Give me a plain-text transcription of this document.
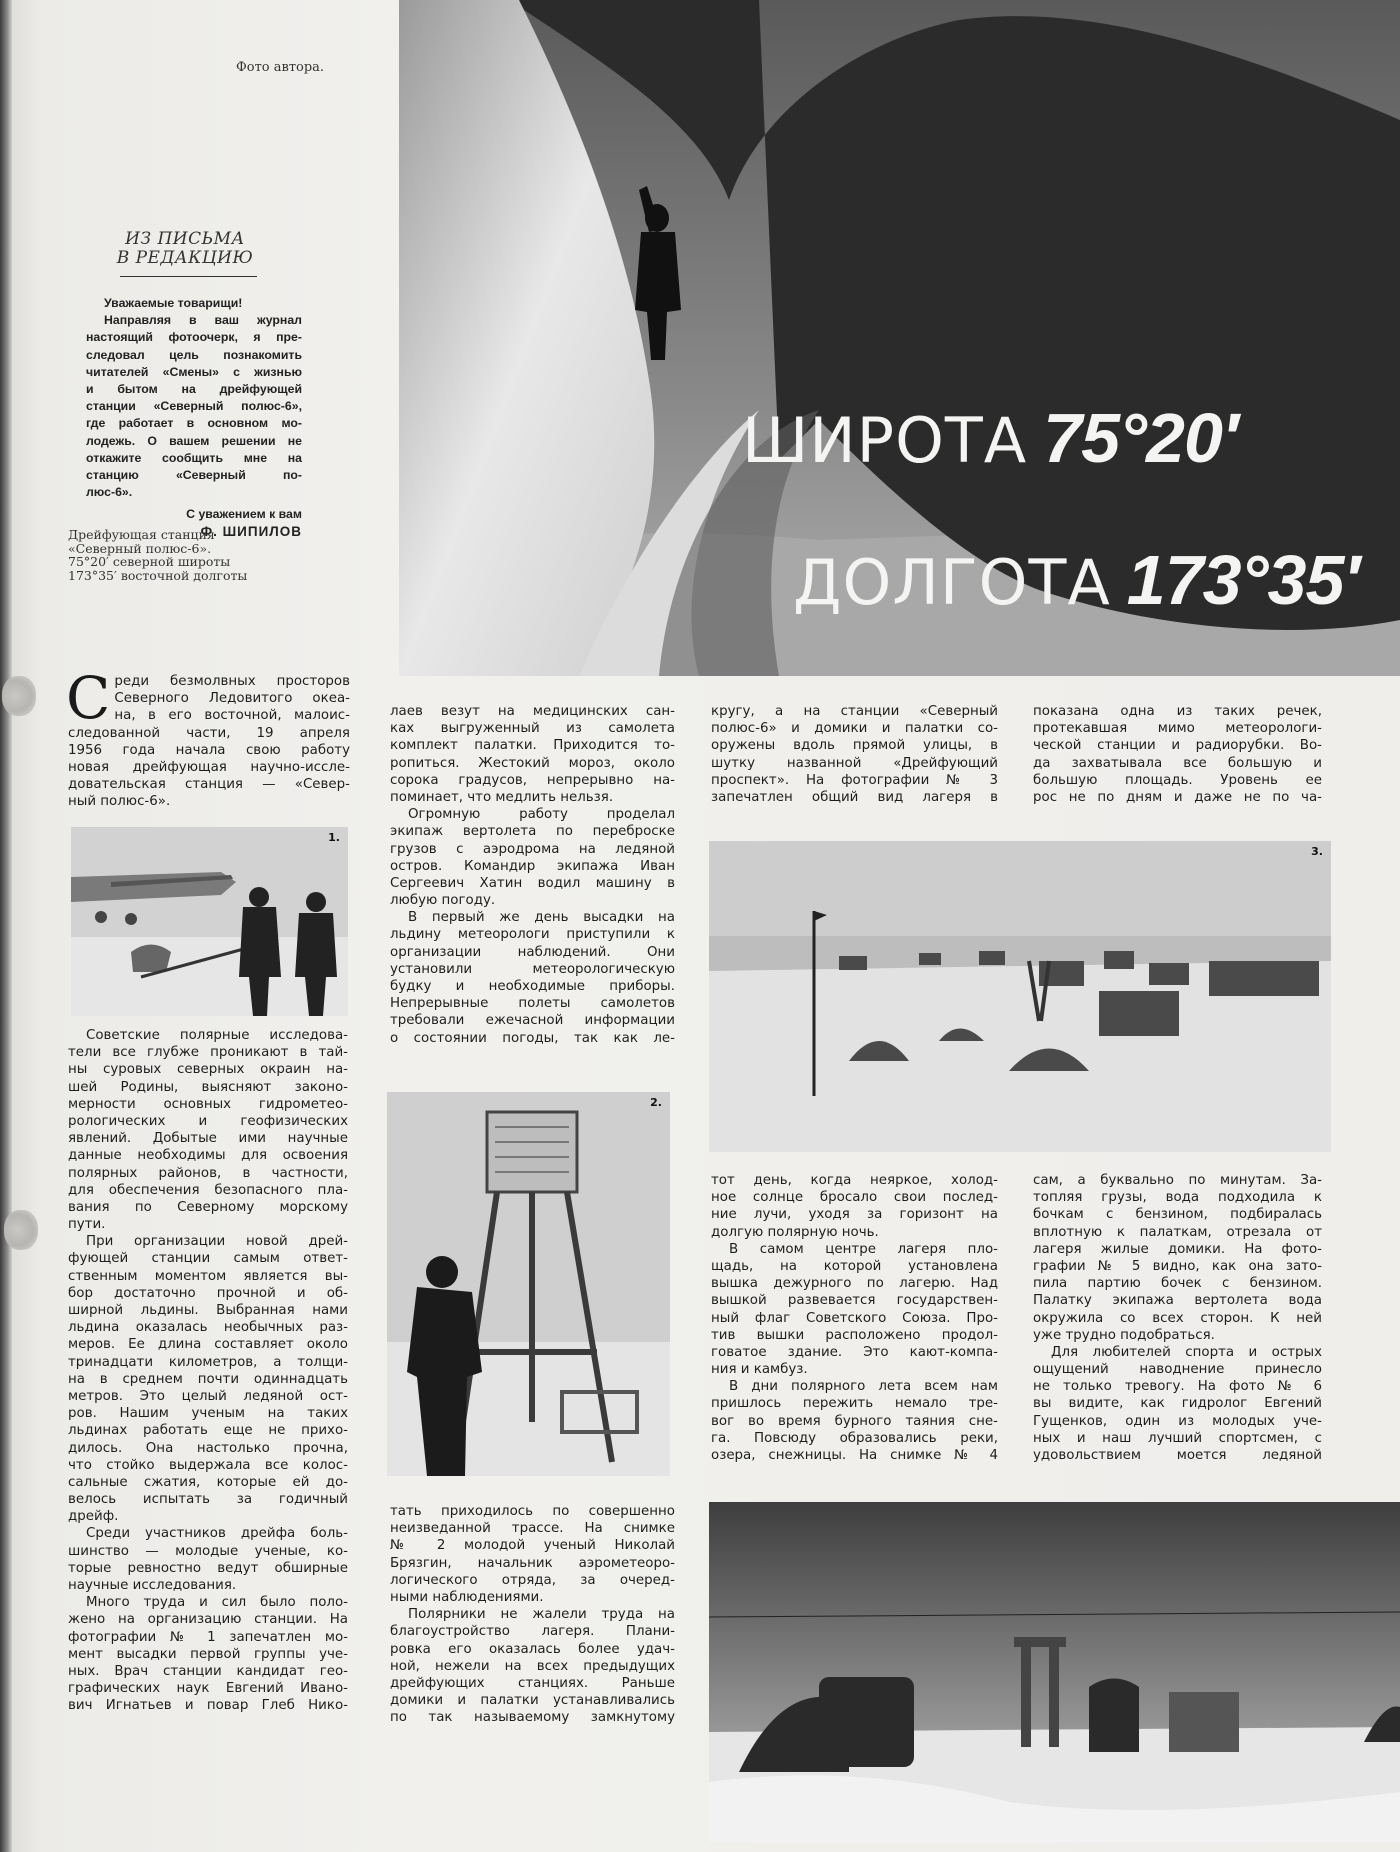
Фото автора.
ИЗ ПИСЬМА
В РЕДАКЦИЮ
Уважаемые товарищи!
Направляя в ваш журнал
настоящий фотоочерк, я пре-
следовал цель познакомить
читателей «Смены» с жизнью
и бытом на дрейфующей
станции «Северный полюс-6»,
где работает в основном мо-
лодежь. О вашем решении не
откажите сообщить мне на
станцию «Северный по-
люс-6».
С уважением к вам
Ф. ШИПИЛОВ
Дрейфующая станция
«Северный полюс-6».
75°20′ северной широты
173°35′ восточной долготы
ШИРОТА 75°20′
ДОЛГОТА 173°35′
С реди безмолвных просторов
Северного Ледовитого океа-
на, в его восточной, малоис-
следованной части, 19 апреля
1956 года начала свою работу
новая дрейфующая научно-иссле-
довательская станция — «Север-
ный полюс-6».
1.
Советские полярные исследова-
тели все глубже проникают в тай-
ны суровых северных окраин на-
шей Родины, выясняют законо-
мерности основных гидрометео-
рологических и геофизических
явлений. Добытые ими научные
данные необходимы для освоения
полярных районов, в частности,
для обеспечения безопасного пла-
вания по Северному морскому
пути.
При организации новой дрей-
фующей станции самым ответ-
ственным моментом является вы-
бор достаточно прочной и об-
ширной льдины. Выбранная нами
льдина оказалась необычных раз-
меров. Ее длина составляет около
тринадцати километров, а толщи-
на в среднем почти одиннадцать
метров. Это целый ледяной ост-
ров. Нашим ученым на таких
льдинах работать еще не прихо-
дилось. Она настолько прочна,
что стойко выдержала все колос-
сальные сжатия, которые ей до-
велось испытать за годичный
дрейф.
Среди участников дрейфа боль-
шинство — молодые ученые, ко-
торые ревностно ведут обширные
научные исследования.
Много труда и сил было поло-
жено на организацию станции. На
фотографии № 1 запечатлен мо-
мент высадки первой группы уче-
ных. Врач станции кандидат гео-
графических наук Евгений Ивано-
вич Игнатьев и повар Глеб Нико-
лаев везут на медицинских сан-
ках выгруженный из самолета
комплект палатки. Приходится то-
ропиться. Жестокий мороз, около
сорока градусов, непрерывно на-
поминает, что медлить нельзя.
Огромную работу проделал
экипаж вертолета по переброске
грузов с аэродрома на ледяной
остров. Командир экипажа Иван
Сергеевич Хатин водил машину в
любую погоду.
В первый же день высадки на
льдину метеорологи приступили к
организации наблюдений. Они
установили метеорологическую
будку и необходимые приборы.
Непрерывные полеты самолетов
требовали ежечасной информации
о состоянии погоды, так как ле-
2.
тать приходилось по совершенно
неизведанной трассе. На снимке
№ 2 молодой ученый Николай
Брязгин, начальник аэрометеоро-
логического отряда, за очеред-
ными наблюдениями.
Полярники не жалели труда на
благоустройство лагеря. Плани-
ровка его оказалась более удач-
ной, нежели на всех предыдущих
дрейфующих станциях. Раньше
домики и палатки устанавливались
по так называемому замкнутому
кругу, а на станции «Северный
полюс-6» и домики и палатки со-
оружены вдоль прямой улицы, в
шутку названной «Дрейфующий
проспект». На фотографии № 3
запечатлен общий вид лагеря в
показана одна из таких речек,
протекавшая мимо метеорологи-
ческой станции и радиорубки. Во-
да захватывала все большую и
большую площадь. Уровень ее
рос не по дням и даже не по ча-
3.
тот день, когда неяркое, холод-
ное солнце бросало свои послед-
ние лучи, уходя за горизонт на
долгую полярную ночь.
В самом центре лагеря пло-
щадь, на которой установлена
вышка дежурного по лагерю. Над
вышкой развевается государствен-
ный флаг Советского Союза. Про-
тив вышки расположено продол-
говатое здание. Это кают-компа-
ния и камбуз.
В дни полярного лета всем нам
пришлось пережить немало тре-
вог во время бурного таяния сне-
га. Повсюду образовались реки,
озера, снежницы. На снимке № 4
сам, а буквально по минутам. За-
топляя грузы, вода подходила к
бочкам с бензином, подбиралась
вплотную к палаткам, отрезала от
лагеря жилые домики. На фото-
графии № 5 видно, как она зато-
пила партию бочек с бензином.
Палатку экипажа вертолета вода
окружила со всех сторон. К ней
уже трудно подобраться.
Для любителей спорта и острых
ощущений наводнение принесло
не только тревогу. На фото № 6
вы видите, как гидролог Евгений
Гущенков, один из молодых уче-
ных и наш лучший спортсмен, с
удовольствием моется ледяной
